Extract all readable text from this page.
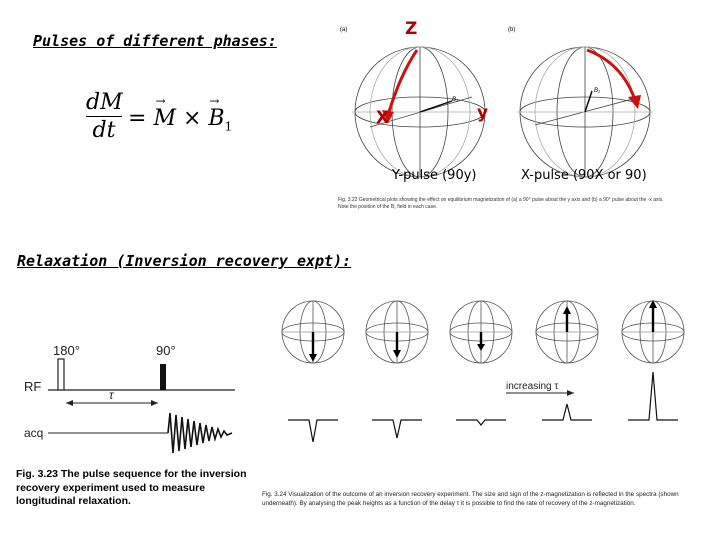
Pulses of different phases:
Relaxation (Inversion recovery expt):
dM
dt =
→
M ×
→
$B_1$
(a)	(b)
B₁
B₁
Z
X	y
Y-pulse (90y)	X-pulse (90X or 90)
Fig. 3.22 Geometrical plots showing the effect on equilibrium magnetization of (a) a 90° pulse about the y axis and (b) a 90° pulse about the -x axis. Note the position of the B₁ field in each case.
180°	90°
RF
acq
τ
Fig. 3.23 The pulse sequence for the inversion recovery experiment used to measure longitudinal relaxation.
increasing τ
Fig. 3.24 Visualization of the outcome of an inversion recovery experiment. The size and sign of the z-magnetization is reflected in the spectra (shown underneath). By analysing the peak heights as a function of the delay τ it is possible to find the rate of recovery of the z-magnetization.
